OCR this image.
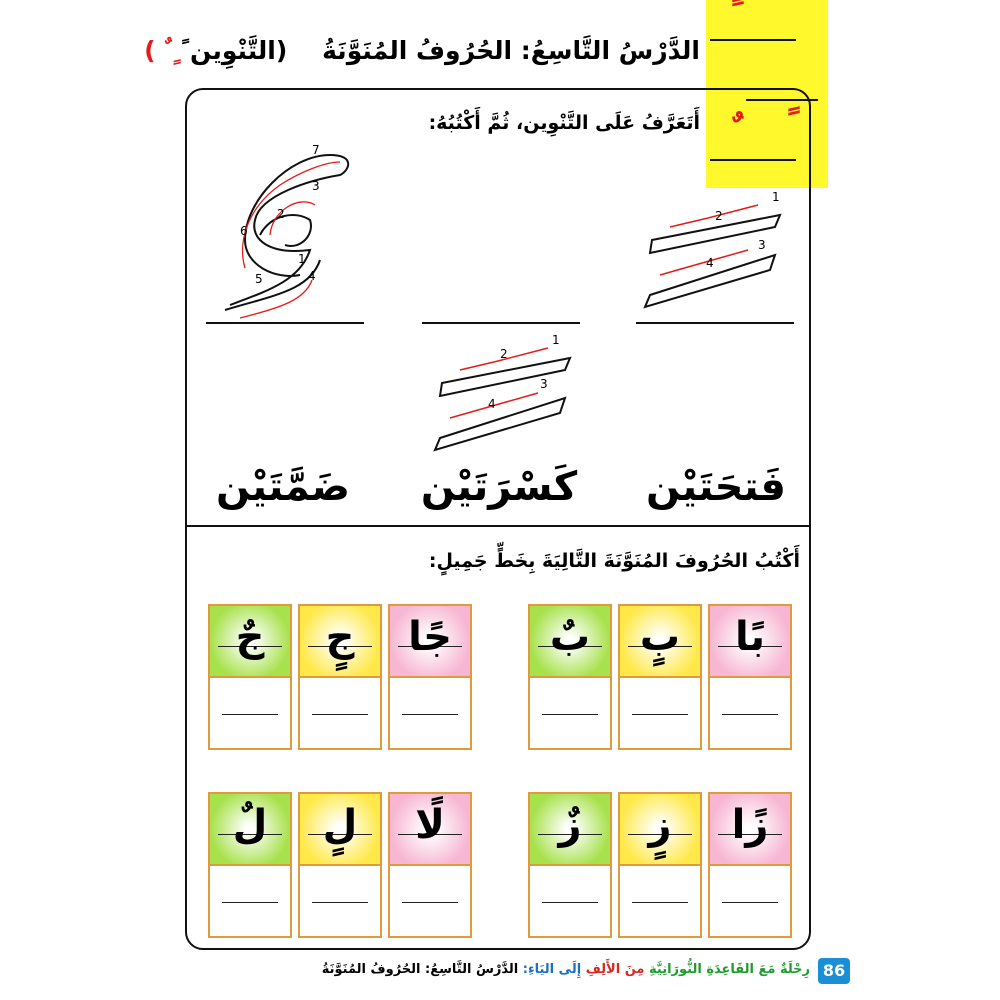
الدَّرْسُ التَّاسِعُ: الحُرُوفُ المُنَوَّنَةُ    (التَّنْوِين ً ٍ ٌ )
أَتَعَرَّفُ عَلَى التَّنْوِين، ثُمَّ أَكْتُبُهُ:
1
2
3
4
1
2
3
4
5
6
7
1
2
3
4
فَتحَتَيْن
كَسْرَتَيْن
ضَمَّتَيْن
أَكْتُبُ الحُرُوفَ المُنَوَّنَةَ التَّالِيَةَ بِخَطٍّ جَمِيلٍ:
بًا
بٍ
بٌ
جًا
جٍ
جٌ
زًا
زٍ
زٌ
لًا
لٍ
لٌ
86
رِحْلَةٌ مَعَ القَاعِدَةِ النُّورَانِيَّةِ مِنَ الأَلِفِ إِلَى اليَاءِ: الدَّرْسُ التَّاسِعُ: الحُرُوفُ المُنَوَّنَةُ
